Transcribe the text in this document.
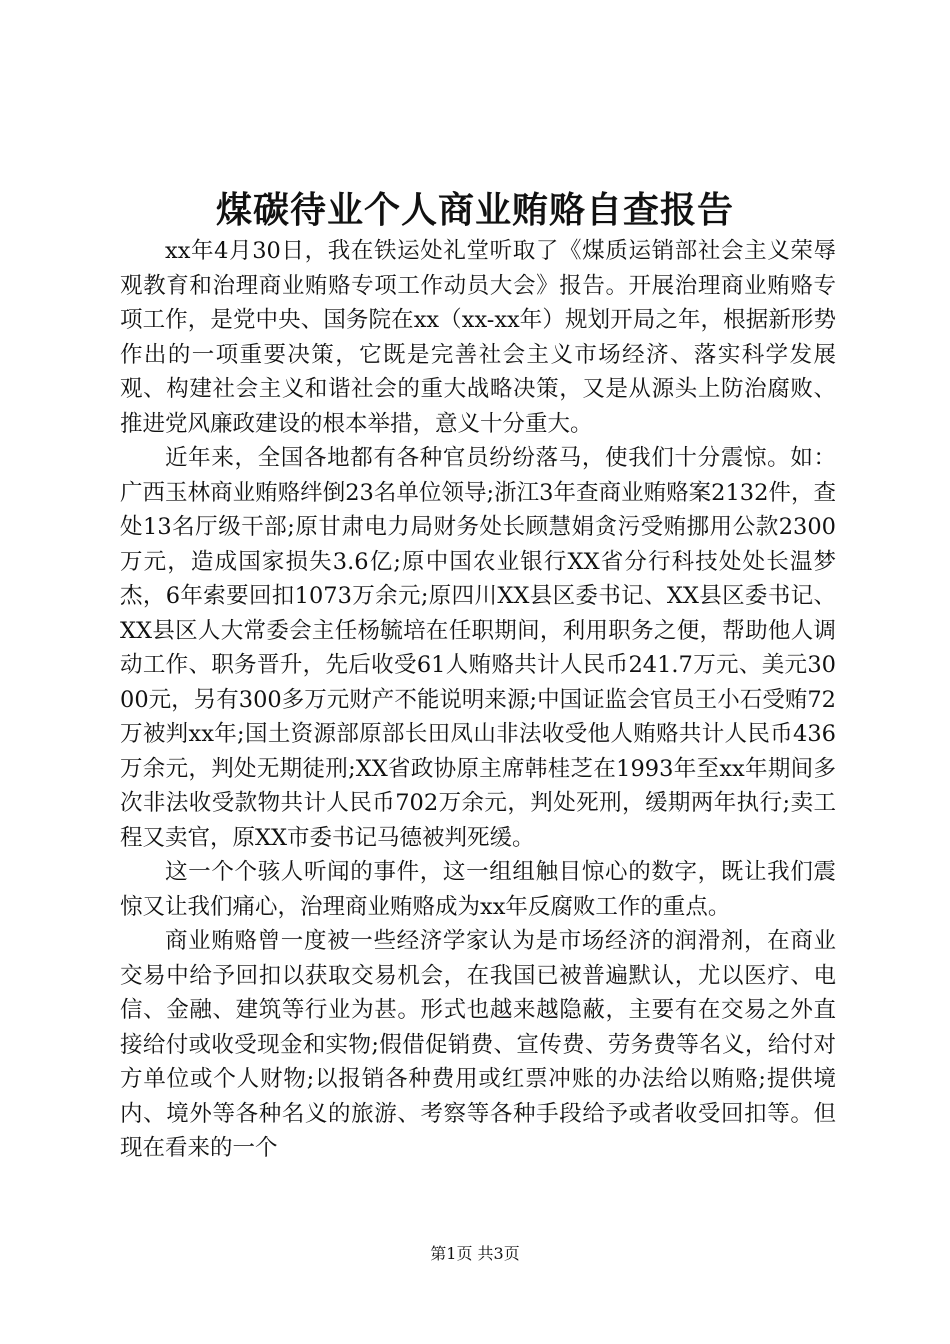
煤碳待业个人商业贿赂自查报告

xx年4月30日，我在铁运处礼堂听取了《煤质运销部社会主义荣辱观教育和治理商业贿赂专项工作动员大会》报告。开展治理商业贿赂专项工作，是党中央、国务院在xx（xx-xx年）规划开局之年，根据新形势作出的一项重要决策，它既是完善社会主义市场经济、落实科学发展观、构建社会主义和谐社会的重大战略决策，又是从源头上防治腐败、推进党风廉政建设的根本举措，意义十分重大。

近年来，全国各地都有各种官员纷纷落马，使我们十分震惊。如：广西玉林商业贿赂绊倒23名单位领导;浙江3年查商业贿赂案2132件，查处13名厅级干部;原甘肃电力局财务处长顾慧娟贪污受贿挪用公款2300万元，造成国家损失3.6亿;原中国农业银行XX省分行科技处处长温梦杰，6年索要回扣1073万余元;原四川XX县区委书记、XX县区委书记、XX县区人大常委会主任杨毓培在任职期间，利用职务之便，帮助他人调动工作、职务晋升，先后收受61人贿赂共计人民币241.7万元、美元3000元，另有300多万元财产不能说明来源;中国证监会官员王小石受贿72万被判xx年;国土资源部原部长田凤山非法收受他人贿赂共计人民币436万余元，判处无期徒刑;XX省政协原主席韩桂芝在1993年至xx年期间多次非法收受款物共计人民币702万余元，判处死刑，缓期两年执行;卖工程又卖官，原XX市委书记马德被判死缓。

这一个个骇人听闻的事件，这一组组触目惊心的数字，既让我们震惊又让我们痛心，治理商业贿赂成为xx年反腐败工作的重点。

商业贿赂曾一度被一些经济学家认为是市场经济的润滑剂，在商业交易中给予回扣以获取交易机会，在我国已被普遍默认，尤以医疗、电信、金融、建筑等行业为甚。形式也越来越隐蔽，主要有在交易之外直接给付或收受现金和实物;假借促销费、宣传费、劳务费等名义，给付对方单位或个人财物;以报销各种费用或红票冲账的办法给以贿赂;提供境内、境外等各种名义的旅游、考察等各种手段给予或者收受回扣等。但现在看来的一个

第1页 共3页
